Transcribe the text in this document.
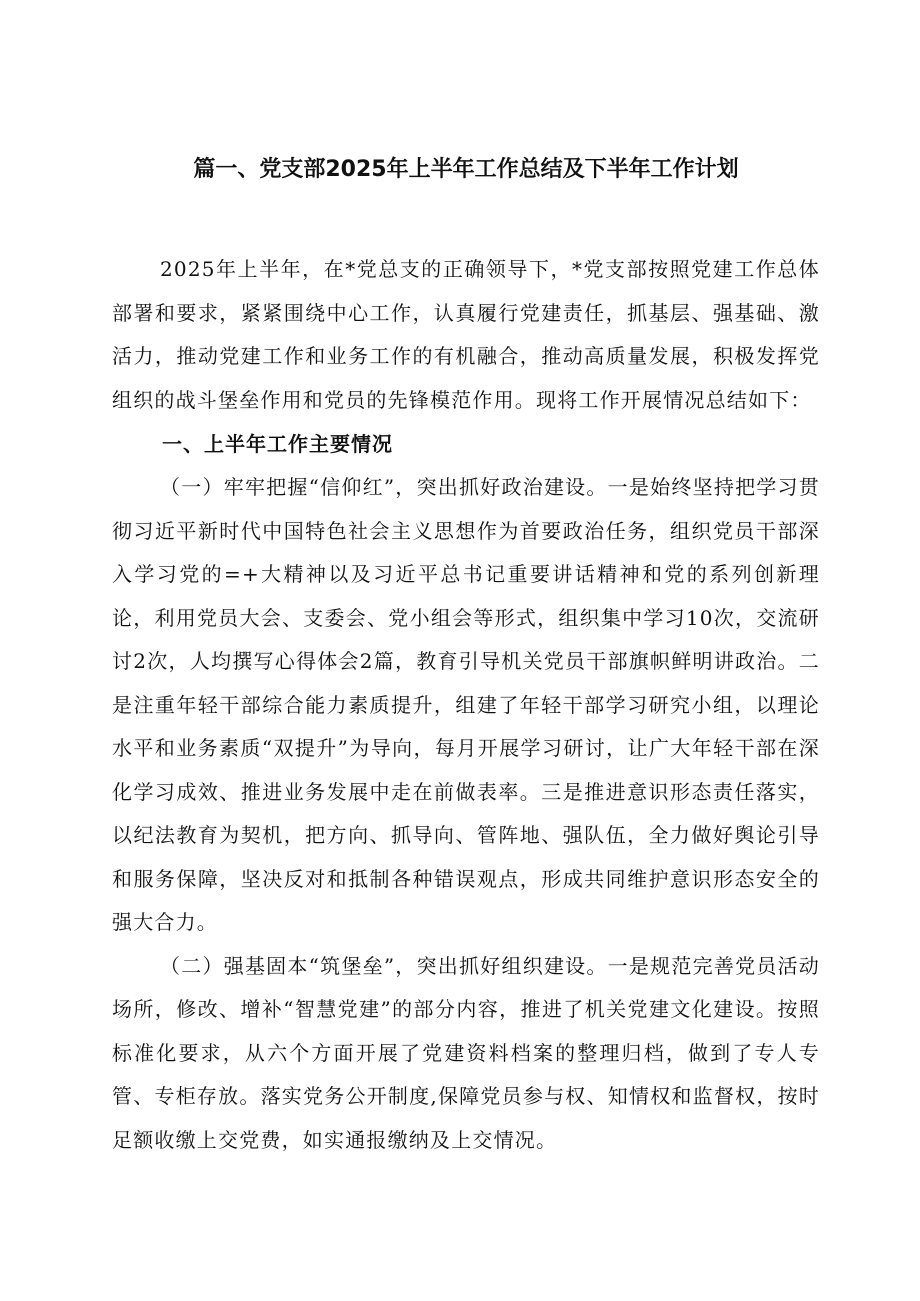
篇一、党支部2025年上半年工作总结及下半年工作计划

2025年上半年，在*党总支的正确领导下，*党支部按照党建工作总体部署和要求，紧紧围绕中心工作，认真履行党建责任，抓基层、强基础、激活力，推动党建工作和业务工作的有机融合，推动高质量发展，积极发挥党组织的战斗堡垒作用和党员的先锋模范作用。现将工作开展情况总结如下：

一、上半年工作主要情况

（一）牢牢把握“信仰红”，突出抓好政治建设。一是始终坚持把学习贯彻习近平新时代中国特色社会主义思想作为首要政治任务，组织党员干部深入学习党的=+大精神以及习近平总书记重要讲话精神和党的系列创新理论，利用党员大会、支委会、党小组会等形式，组织集中学习10次，交流研讨2次，人均撰写心得体会2篇，教育引导机关党员干部旗帜鲜明讲政治。二是注重年轻干部综合能力素质提升，组建了年轻干部学习研究小组，以理论水平和业务素质“双提升”为导向，每月开展学习研讨，让广大年轻干部在深化学习成效、推进业务发展中走在前做表率。三是推进意识形态责任落实，以纪法教育为契机，把方向、抓导向、管阵地、强队伍，全力做好舆论引导和服务保障，坚决反对和抵制各种错误观点，形成共同维护意识形态安全的强大合力。

（二）强基固本“筑堡垒”，突出抓好组织建设。一是规范完善党员活动场所，修改、增补“智慧党建”的部分内容，推进了机关党建文化建设。按照标准化要求，从六个方面开展了党建资料档案的整理归档，做到了专人专管、专柜存放。落实党务公开制度,保障党员参与权、知情权和监督权，按时足额收缴上交党费，如实通报缴纳及上交情况。
